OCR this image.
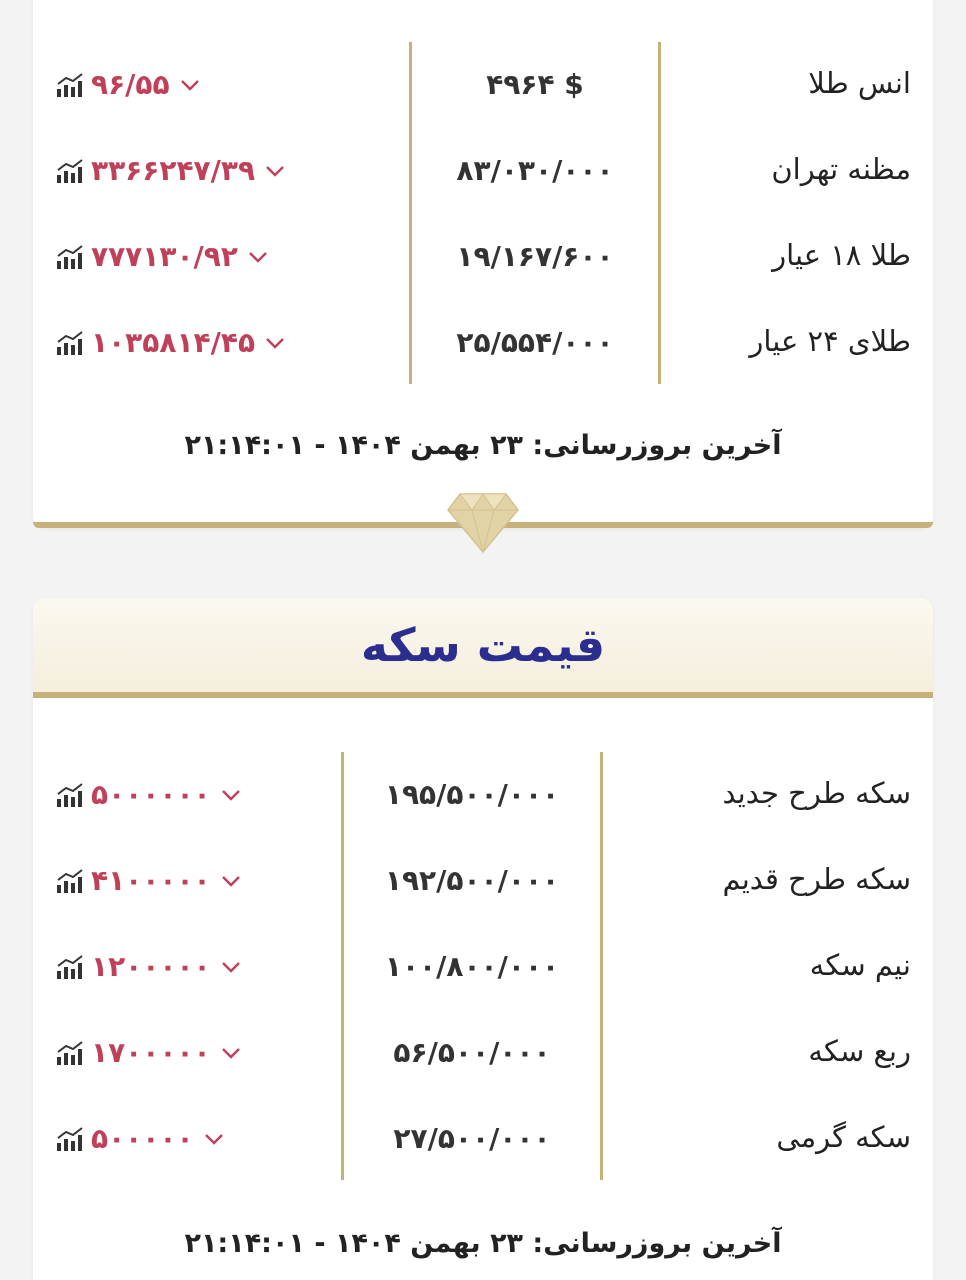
انس طلا
۴۹۶۴ $
۹۶/۵۵
مظنه تهران
۸۳/۰۳۰/۰۰۰
۳۳۶۶۲۴۷/۳۹
طلا ۱۸ عیار
۱۹/۱۶۷/۶۰۰
۷۷۷۱۳۰/۹۲
طلای ۲۴ عیار
۲۵/۵۵۴/۰۰۰
۱۰۳۵۸۱۴/۴۵
آخرین بروزرسانی: ۲۳ بهمن ۱۴۰۴ - ۲۱:۱۴:۰۱
قیمت سکه
سکه طرح جدید
۱۹۵/۵۰۰/۰۰۰
۵۰۰۰۰۰۰
سکه طرح قدیم
۱۹۲/۵۰۰/۰۰۰
۴۱۰۰۰۰۰
نیم سکه
۱۰۰/۸۰۰/۰۰۰
۱۲۰۰۰۰۰
ربع سکه
۵۶/۵۰۰/۰۰۰
۱۷۰۰۰۰۰
سکه گرمی
۲۷/۵۰۰/۰۰۰
۵۰۰۰۰۰
آخرین بروزرسانی: ۲۳ بهمن ۱۴۰۴ - ۲۱:۱۴:۰۱
